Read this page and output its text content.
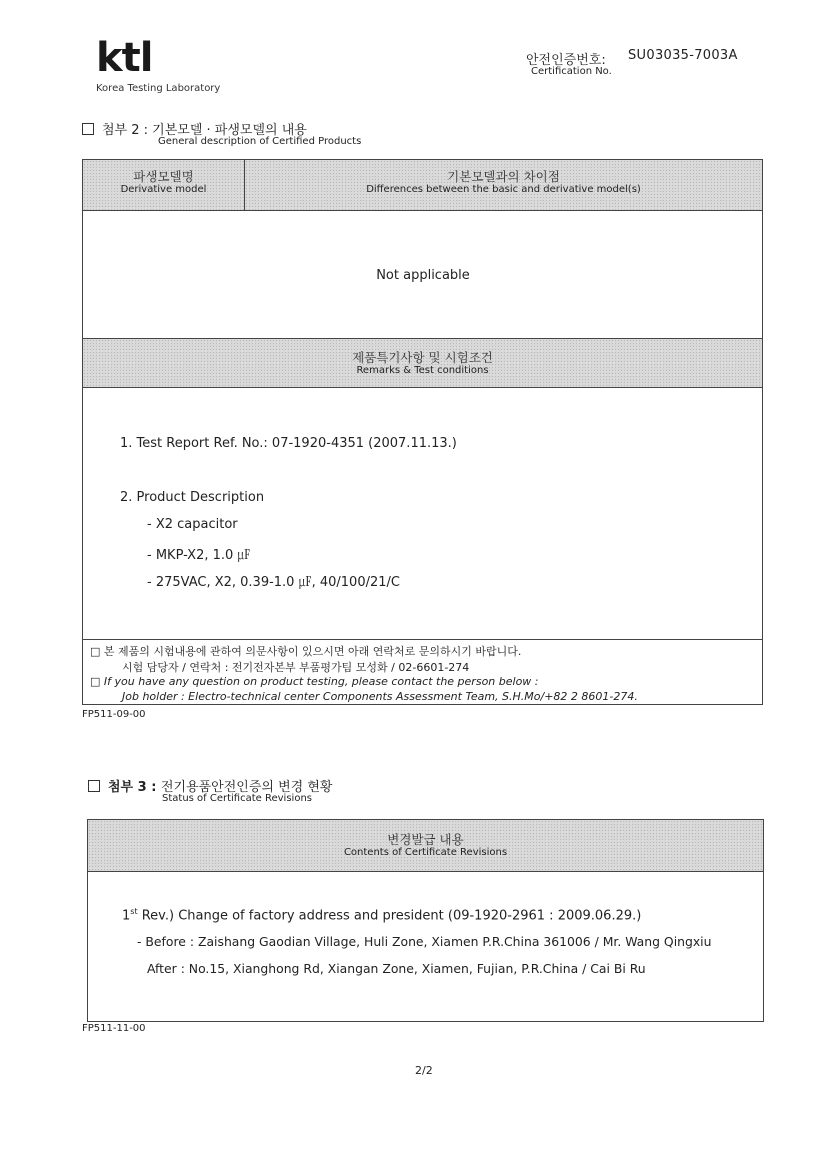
ktl
Korea Testing Laboratory
안전인증번호: SU03035-7003A
Certification No.
첨부 2 : 기본모델 · 파생모델의 내용
General description of Certified Products
파생모델명
Derivative model
기본모델과의 차이점
Differences between the basic and derivative model(s)
Not applicable
제품특기사항 및 시험조건
Remarks & Test conditions
1. Test Report Ref. No.: 07-1920-4351 (2007.11.13.)
2. Product Description
- X2 capacitor
- MKP-X2, 1.0 ㎌
- 275VAC, X2, 0.39-1.0 ㎌, 40/100/21/C
□ 본 제품의 시험내용에 관하여 의문사항이 있으시면 아래 연락처로 문의하시기 바랍니다.
시험 담당자 / 연락처 : 전기전자본부 부품평가팀 모성화 / 02-6601-274
□ If you have any question on product testing, please contact the person below :
Job holder : Electro-technical center Components Assessment Team, S.H.Mo/+82 2 8601-274.
FP511-09-00
첨부 3 : 전기용품안전인증의 변경 현황
Status of Certificate Revisions
변경발급 내용
Contents of Certificate Revisions
1st Rev.) Change of factory address and president (09-1920-2961 : 2009.06.29.)
- Before : Zaishang Gaodian Village, Huli Zone, Xiamen P.R.China 361006 / Mr. Wang Qingxiu
After : No.15, Xianghong Rd, Xiangan Zone, Xiamen, Fujian, P.R.China / Cai Bi Ru
FP511-11-00
2/2
